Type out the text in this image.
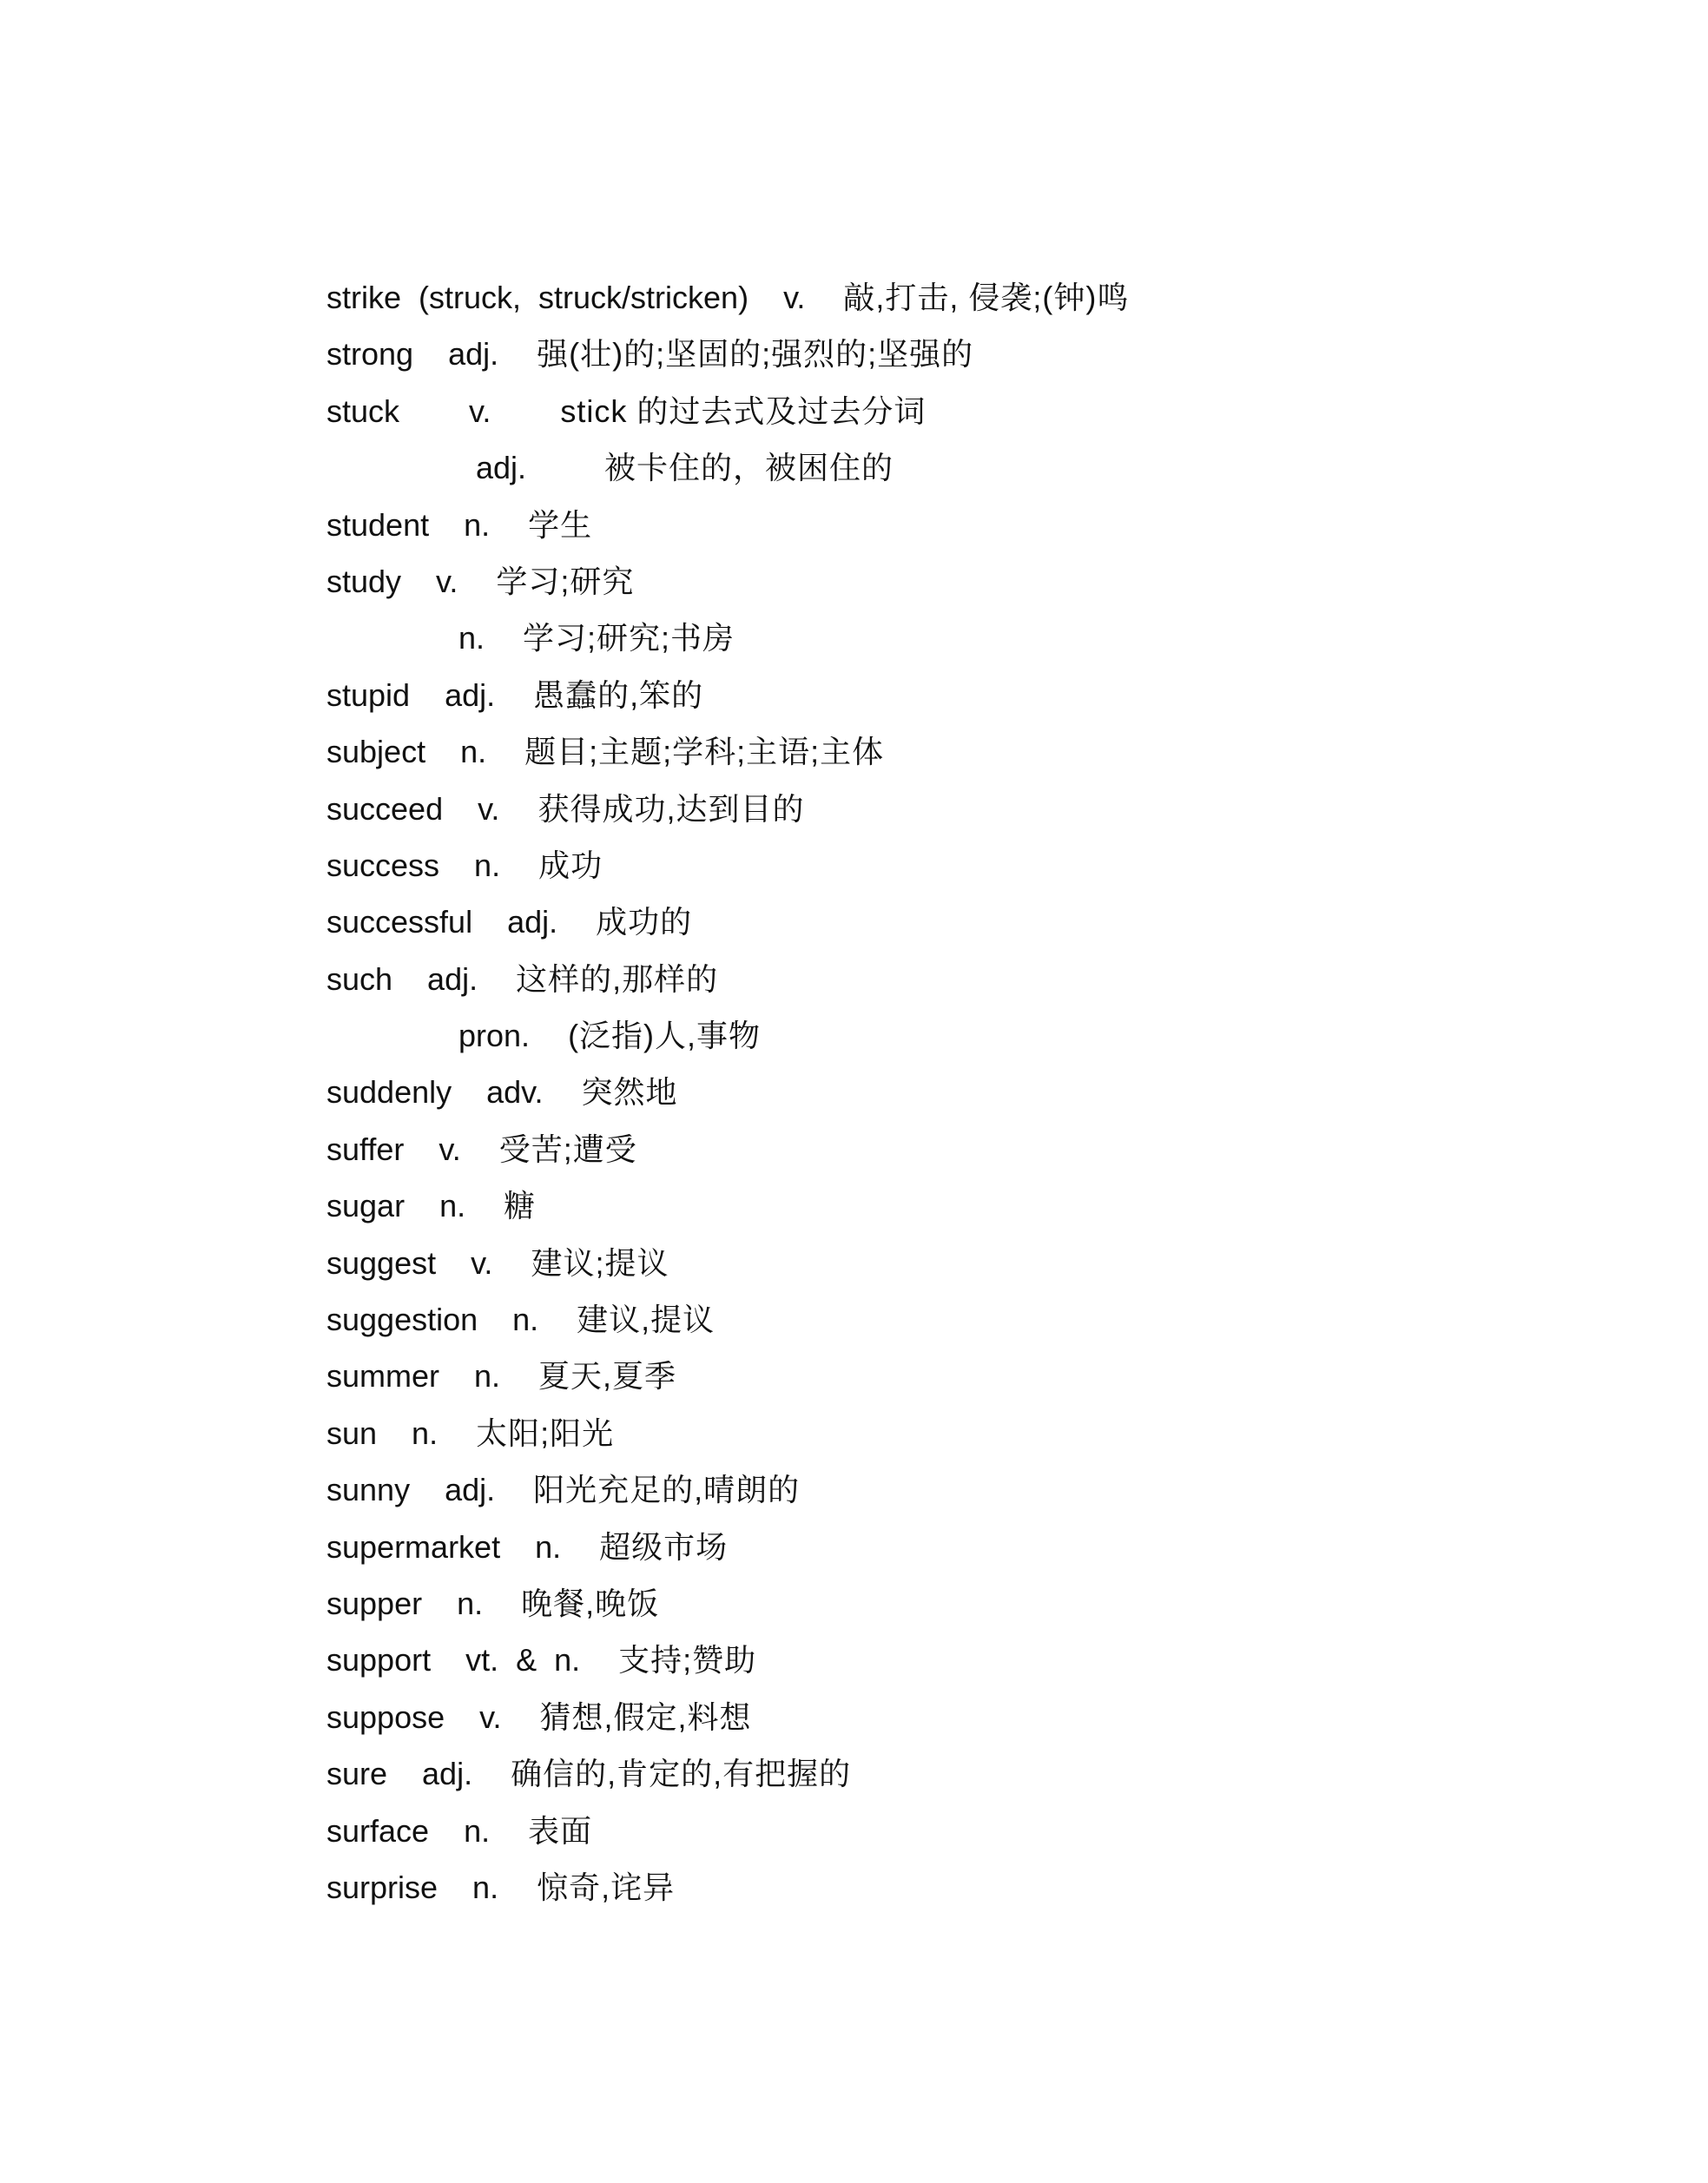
strike  (struck,  struck/stricken) v. 敲,打击, 侵袭;(钟)鸣
strong adj. 强(壮)的;坚固的;强烈的;坚强的
stuck v. stick 的过去式及过去分词
adj.	被卡住的，被困住的
student n. 学生
study v. 学习;研究
n. 学习;研究;书房
stupid adj. 愚蠢的,笨的
subject n. 题目;主题;学科;主语;主体
succeed v. 获得成功,达到目的
success n. 成功
successful adj. 成功的
such adj. 这样的,那样的
pron. (泛指)人,事物
suddenly adv. 突然地
suffer v. 受苦;遭受
sugar n. 糖
suggest v. 建议;提议
suggestion n. 建议,提议
summer n. 夏天,夏季
sun n. 太阳;阳光
sunny adj. 阳光充足的,晴朗的
supermarket n. 超级市场
supper n. 晚餐,晚饭
support vt.  &  n. 支持;赞助
suppose v. 猜想,假定,料想
sure adj. 确信的,肯定的,有把握的
surface n. 表面
surprise n. 惊奇,诧异
